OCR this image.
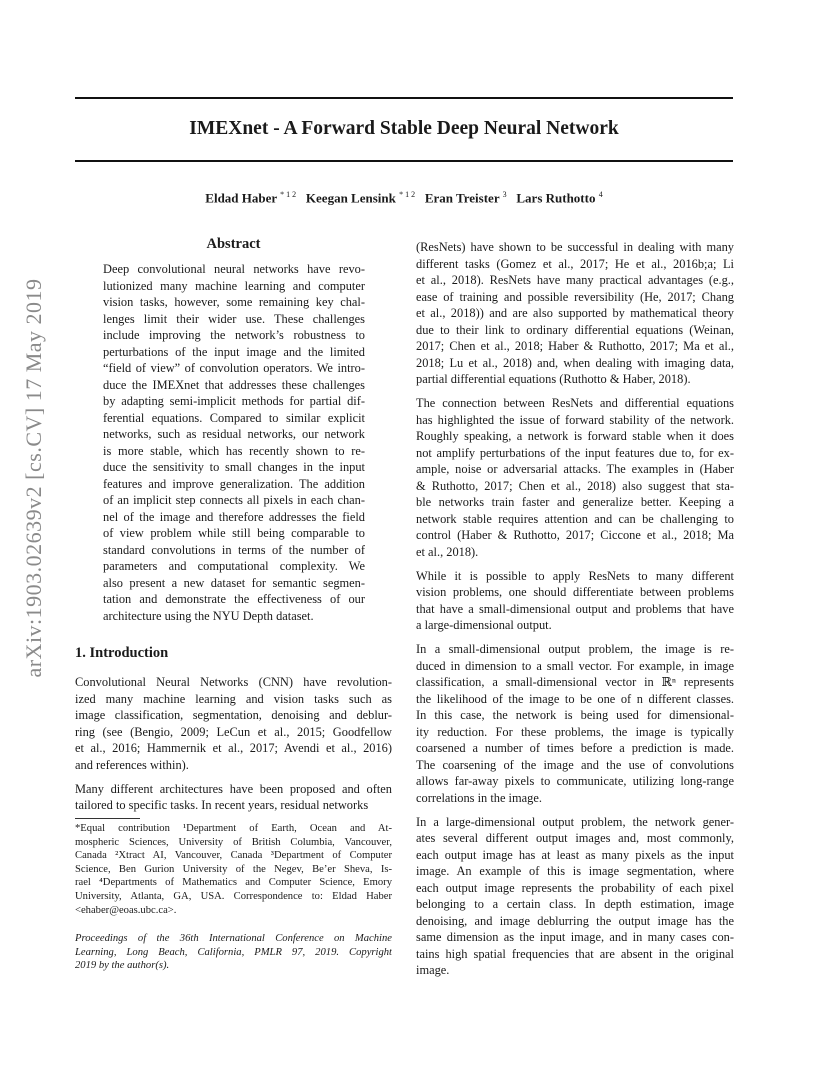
IMEXnet - A Forward Stable Deep Neural Network
Eldad Haber $^{* 1 2}$ Keegan Lensink $^{* 1 2}$ Eran Treister $^3$ Lars Ruthotto $^4$
arXiv:1903.02639v2 [cs.CV] 17 May 2019
Abstract
Deep convolutional neural networks have revo-
lutionized many machine learning and computer
vision tasks, however, some remaining key chal-
lenges limit their wider use. These challenges
include improving the network’s robustness to
perturbations of the input image and the limited
“field of view” of convolution operators. We intro-
duce the IMEXnet that addresses these challenges
by adapting semi-implicit methods for partial dif-
ferential equations. Compared to similar explicit
networks, such as residual networks, our network
is more stable, which has recently shown to re-
duce the sensitivity to small changes in the input
features and improve generalization. The addition
of an implicit step connects all pixels in each chan-
nel of the image and therefore addresses the field
of view problem while still being comparable to
standard convolutions in terms of the number of
parameters and computational complexity. We
also present a new dataset for semantic segmen-
tation and demonstrate the effectiveness of our
architecture using the NYU Depth dataset.
1. Introduction
Convolutional Neural Networks (CNN) have revolution-
ized many machine learning and vision tasks such as
image classification, segmentation, denoising and deblur-
ring (see (Bengio, 2009; LeCun et al., 2015; Goodfellow
et al., 2016; Hammernik et al., 2017; Avendi et al., 2016)
and references within).
Many different architectures have been proposed and often
tailored to specific tasks. In recent years, residual networks
*Equal contribution ¹Department of Earth, Ocean and At-
mospheric Sciences, University of British Columbia, Vancouver,
Canada ²Xtract AI, Vancouver, Canada ³Department of Computer
Science, Ben Gurion University of the Negev, Be’er Sheva, Is-
rael ⁴Departments of Mathematics and Computer Science, Emory
University, Atlanta, GA, USA. Correspondence to: Eldad Haber
<ehaber@eoas.ubc.ca>.
Proceedings of the 36th International Conference on Machine
Learning, Long Beach, California, PMLR 97, 2019. Copyright
2019 by the author(s).
(ResNets) have shown to be successful in dealing with many
different tasks (Gomez et al., 2017; He et al., 2016b;a; Li
et al., 2018). ResNets have many practical advantages (e.g.,
ease of training and possible reversibility (He, 2017; Chang
et al., 2018)) and are also supported by mathematical theory
due to their link to ordinary differential equations (Weinan,
2017; Chen et al., 2018; Haber & Ruthotto, 2017; Ma et al.,
2018; Lu et al., 2018) and, when dealing with imaging data,
partial differential equations (Ruthotto & Haber, 2018).
The connection between ResNets and differential equations
has highlighted the issue of forward stability of the network.
Roughly speaking, a network is forward stable when it does
not amplify perturbations of the input features due to, for ex-
ample, noise or adversarial attacks. The examples in (Haber
& Ruthotto, 2017; Chen et al., 2018) also suggest that sta-
ble networks train faster and generalize better. Keeping a
network stable requires attention and can be challenging to
control (Haber & Ruthotto, 2017; Ciccone et al., 2018; Ma
et al., 2018).
While it is possible to apply ResNets to many different
vision problems, one should differentiate between problems
that have a small-dimensional output and problems that have
a large-dimensional output.
In a small-dimensional output problem, the image is re-
duced in dimension to a small vector. For example, in image
classification, a small-dimensional vector in ℝⁿ represents
the likelihood of the image to be one of n different classes.
In this case, the network is being used for dimensional-
ity reduction. For these problems, the image is typically
coarsened a number of times before a prediction is made.
The coarsening of the image and the use of convolutions
allows far-away pixels to communicate, utilizing long-range
correlations in the image.
In a large-dimensional output problem, the network gener-
ates several different output images and, most commonly,
each output image has at least as many pixels as the input
image. An example of this is image segmentation, where
each output image represents the probability of each pixel
belonging to a certain class. In depth estimation, image
denoising, and image deblurring the output image has the
same dimension as the input image, and in many cases con-
tains high spatial frequencies that are absent in the original
image.
